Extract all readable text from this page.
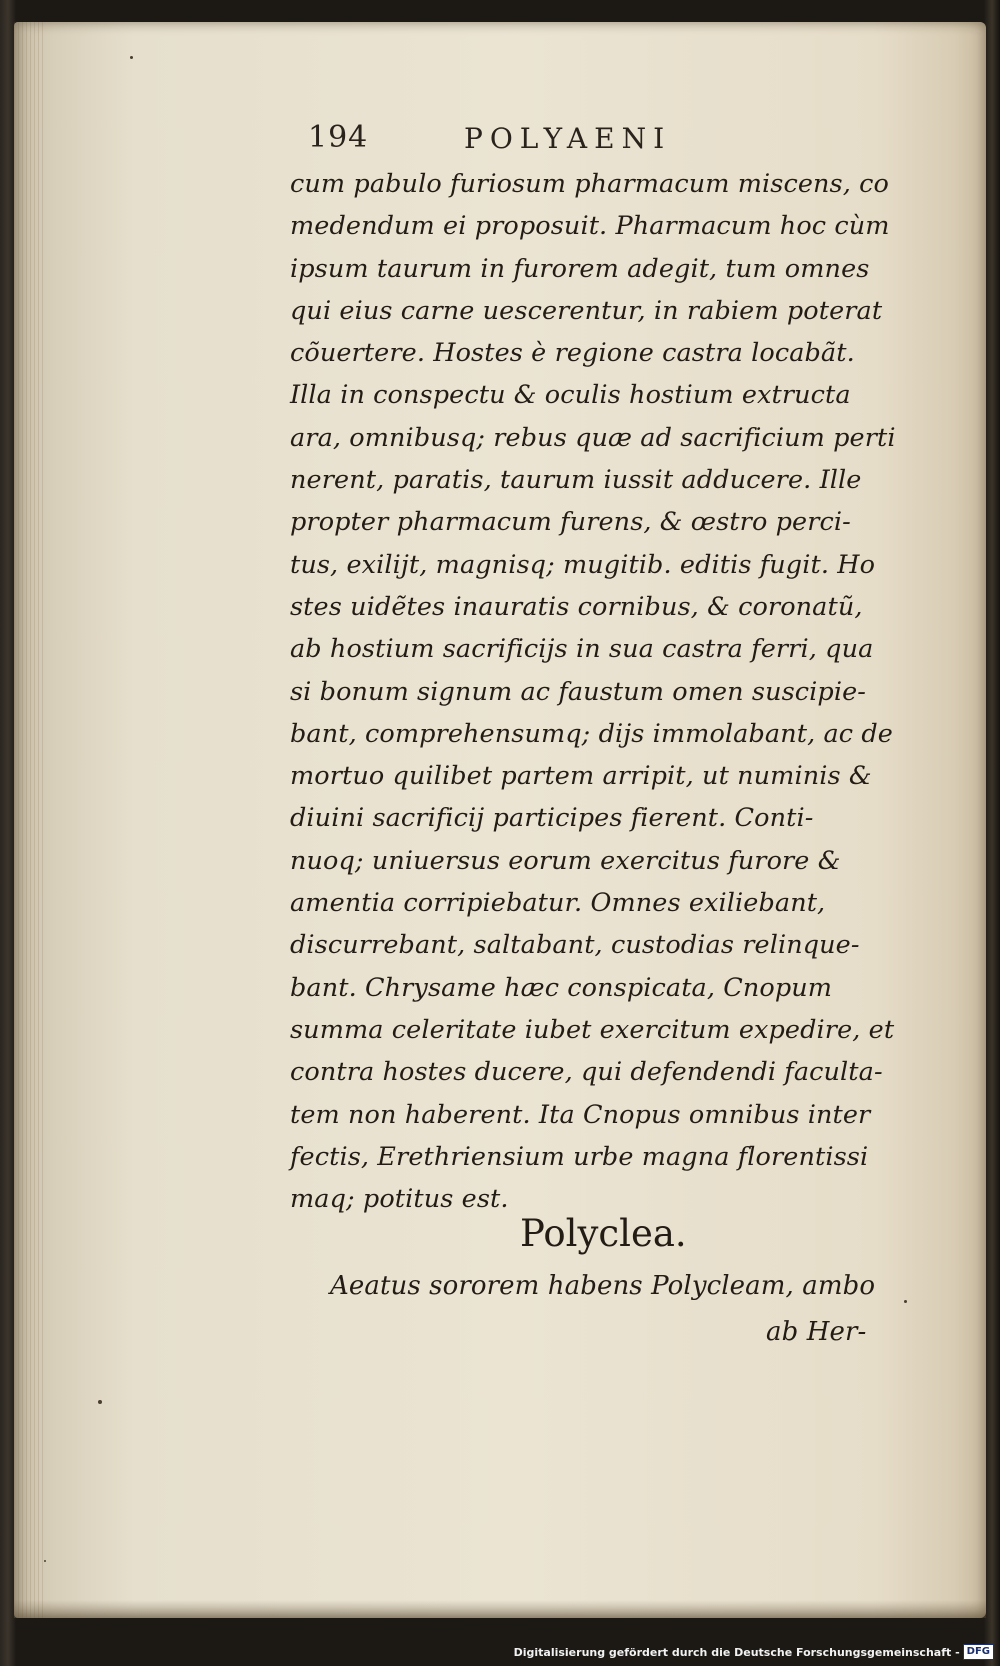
194	POLYAENI
cum pabulo furiosum pharmacum miscens, co
medendum ei proposuit. Pharmacum hoc cùm
ipsum taurum in furorem adegit, tum omnes
qui eius carne uescerentur, in rabiem poterat
cõuertere. Hostes è regione castra locabãt.
Illa in conspectu & oculis hostium extructa
ara, omnibusq; rebus quæ ad sacrificium perti
nerent, paratis, taurum iussit adducere. Ille
propter pharmacum furens, & œstro perci-
tus, exilijt, magnisq; mugitib. editis fugit. Ho
stes uidẽtes inauratis cornibus, & coronatũ,
ab hostium sacrificijs in sua castra ferri, qua
si bonum signum ac faustum omen suscipie-
bant, comprehensumq; dijs immolabant, ac de
mortuo quilibet partem arripit, ut numinis &
diuini sacrificij participes fierent. Conti-
nuoq; uniuersus eorum exercitus furore &
amentia corripiebatur. Omnes exiliebant,
discurrebant, saltabant, custodias relinque-
bant. Chrysame hæc conspicata, Cnopum
summa celeritate iubet exercitum expedire, et
contra hostes ducere, qui defendendi faculta-
tem non haberent. Ita Cnopus omnibus inter
fectis, Erethriensium urbe magna florentissi
maq; potitus est.
Polyclea.
Aeatus sororem habens Polycleam, ambo
ab Her-
Digitalisierung gefördert durch die Deutsche Forschungsgemeinschaft - DFG
